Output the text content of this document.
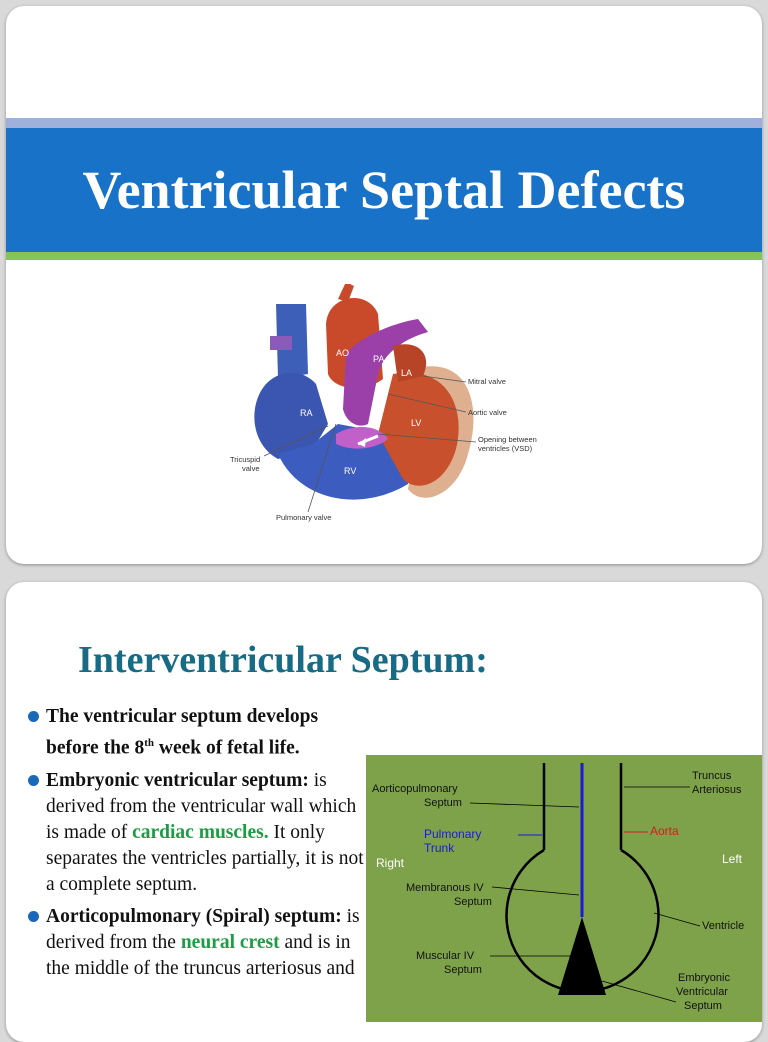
Ventricular Septal Defects
AO
PA
LA
RA
LV
RV
Mitral valve
Aortic valve
Opening between
ventricles (VSD)
Tricuspid
valve
Pulmonary valve
Interventricular Septum:
The ventricular septum develops before the 8th week of fetal life.
Embryonic ventricular septum: is derived from the ventricular wall which is made of cardiac muscles. It only separates the ventricles partially, it is not a complete septum.
Aorticopulmonary (Spiral) septum: is derived from the neural crest and is in the middle of the truncus arteriosus and
Aorticopulmonary
Septum
Pulmonary
Trunk
Right
Membranous IV
Septum
Muscular IV
Septum
Truncus
Arteriosus
Aorta
Left
Ventricle
Embryonic
Ventricular
Septum
